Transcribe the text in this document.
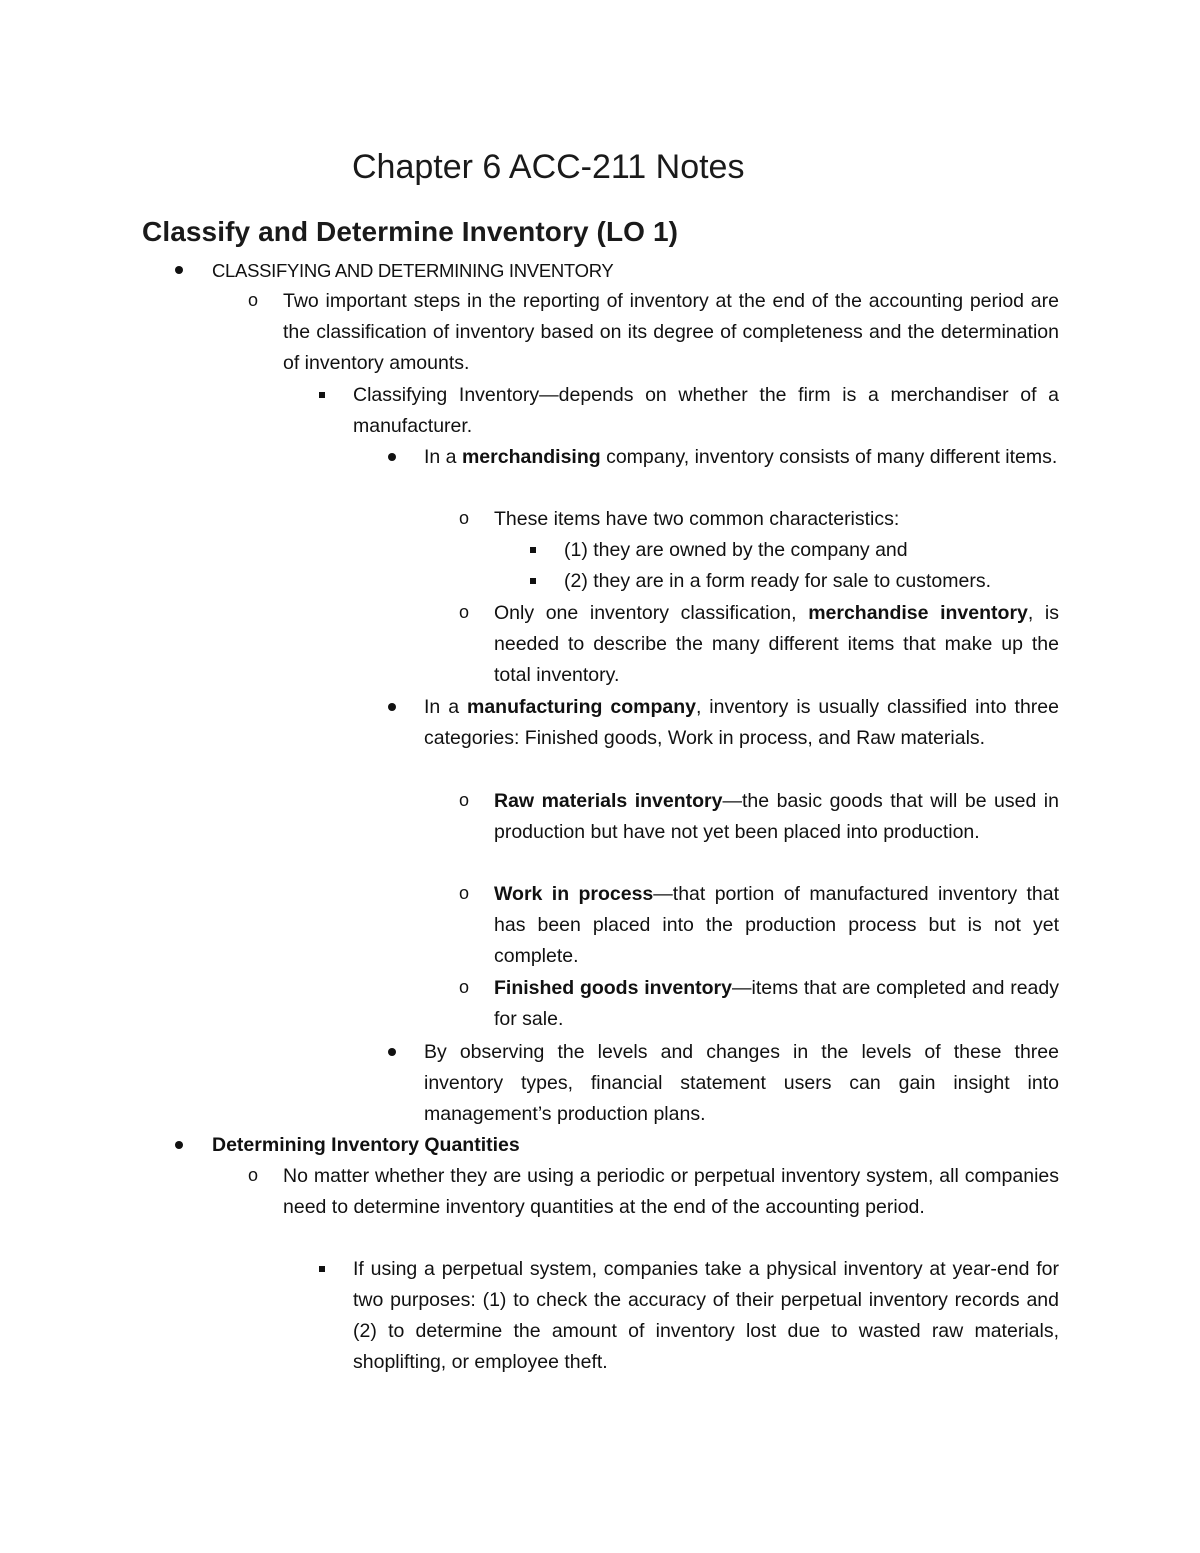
Chapter 6 ACC-211 Notes
Classify and Determine Inventory (LO 1)
CLASSIFYING AND DETERMINING INVENTORY
o Two important steps in the reporting of inventory at the end of the accounting period are the classification of inventory based on its degree of completeness and the determination of inventory amounts.
Classifying Inventory—depends on whether the firm is a merchandiser of a manufacturer.
In a merchandising company, inventory consists of many different items.
o These items have two common characteristics:
(1) they are owned by the company and
(2) they are in a form ready for sale to customers.
o Only one inventory classification, merchandise inventory, is needed to describe the many different items that make up the total inventory.
In a manufacturing company, inventory is usually classified into three categories: Finished goods, Work in process, and Raw materials.
o Raw materials inventory—the basic goods that will be used in production but have not yet been placed into production.
o Work in process—that portion of manufactured inventory that has been placed into the production process but is not yet complete.
o Finished goods inventory—items that are completed and ready for sale.
By observing the levels and changes in the levels of these three inventory types, financial statement users can gain insight into management’s production plans.
Determining Inventory Quantities
o No matter whether they are using a periodic or perpetual inventory system, all companies need to determine inventory quantities at the end of the accounting period.
If using a perpetual system, companies take a physical inventory at year-end for two purposes: (1) to check the accuracy of their perpetual inventory records and (2) to determine the amount of inventory lost due to wasted raw materials, shoplifting, or employee theft.
